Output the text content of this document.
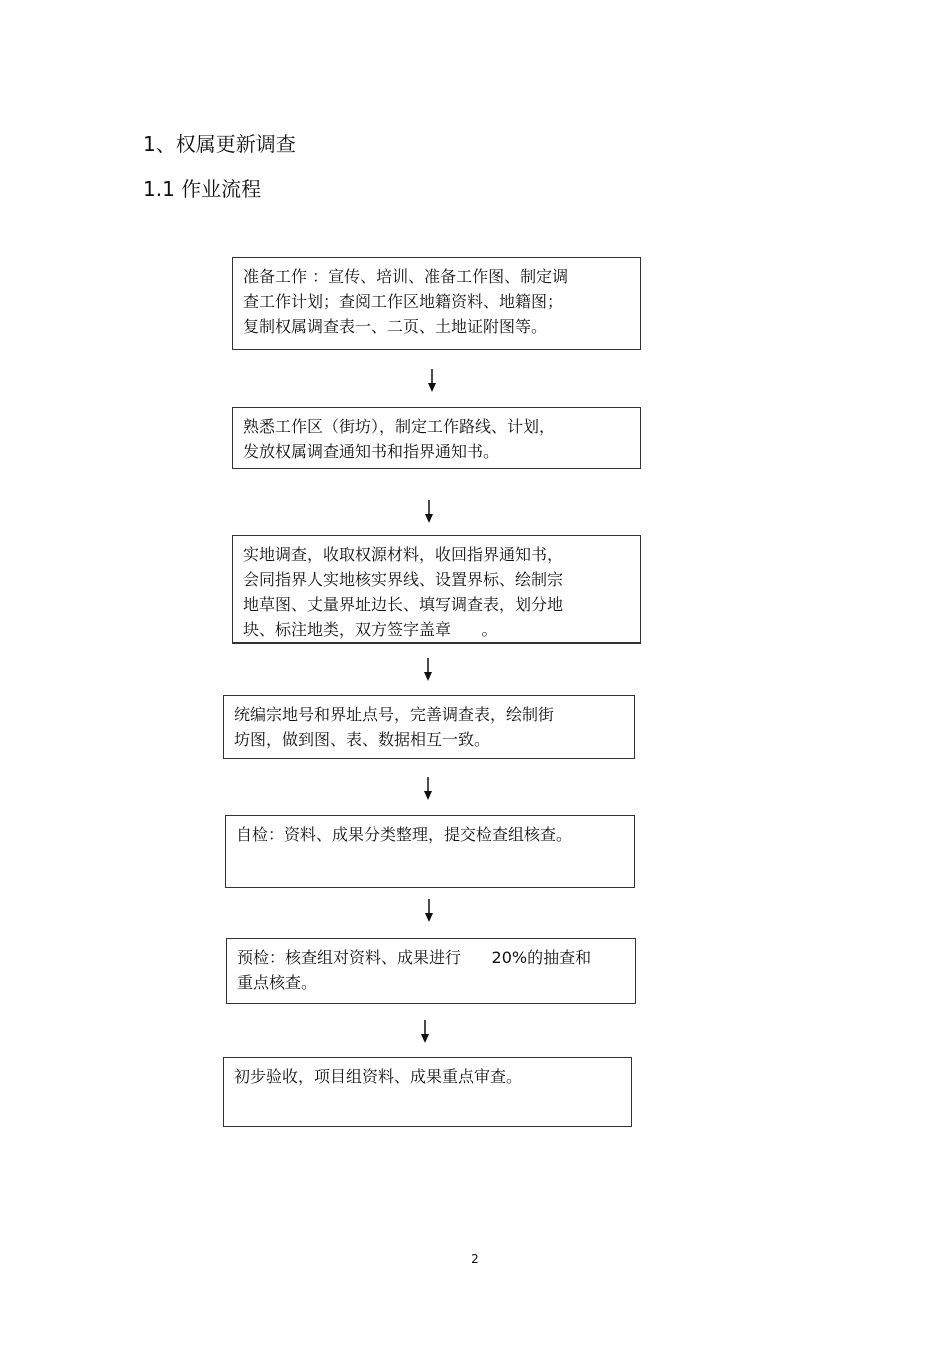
1、权属更新调查
1.1 作业流程
准备工作 ：宣传、培训、准备工作图、制定调
查工作计划；查阅工作区地籍资料、地籍图；
复制权属调查表一、二页、土地证附图等。
熟悉工作区（街坊），制定工作路线、计划，
发放权属调查通知书和指界通知书。
实地调查，收取权源材料，收回指界通知书，
会同指界人实地核实界线、设置界标、绘制宗
地草图、丈量界址边长、填写调查表，划分地
块、标注地类，双方签字盖章      。
统编宗地号和界址点号，完善调查表，绘制街
坊图，做到图、表、数据相互一致。
自检：资料、成果分类整理，提交检查组核查。
预检：核查组对资料、成果进行      20%的抽查和
重点核查。
初步验收，项目组资料、成果重点审查。
2
